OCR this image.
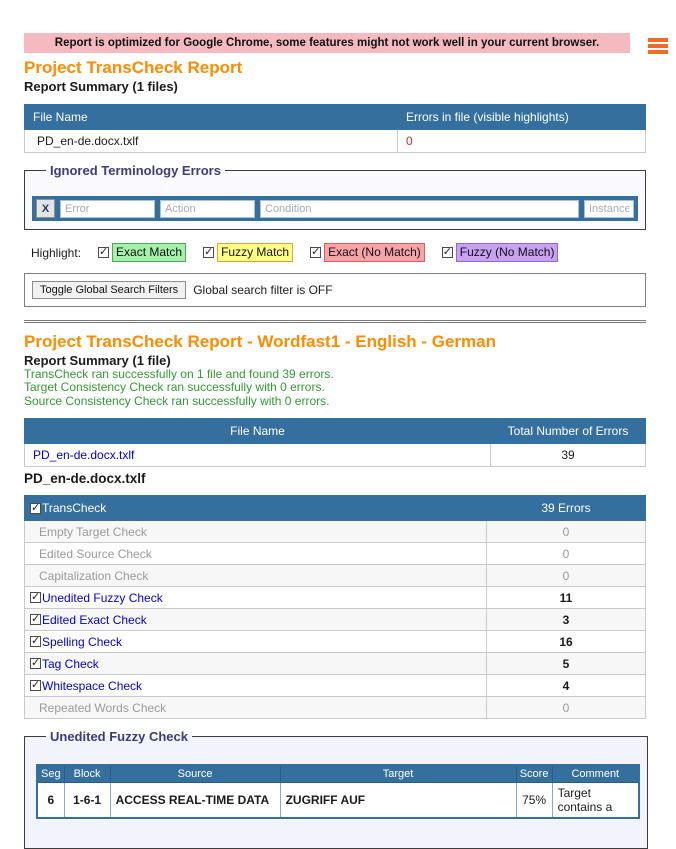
Report is optimized for Google Chrome, some features might not work well in your current browser.
Project TransCheck Report
Report Summary (1 files)
File Name	Errors in file (visible highlights)
PD_en-de.docx.txlf	0
Ignored Terminology Errors
X
Error
Action
Condition
Instances
Highlight: ✓	Exact Match ✓	Fuzzy Match ✓	Exact (No Match) ✓	Fuzzy (No Match)
Toggle Global Search Filters	Global search filter is OFF
Project TransCheck Report - Wordfast1 - English - German
Report Summary (1 file)

TransCheck ran successfully on 1 file and found 39 errors.

Target Consistency Check ran successfully with 0 errors.

Source Consistency Check ran successfully with 0 errors.

File Name	Total Number of Errors
PD_en-de.docx.txlf	39
PD_en-de.docx.txlf
✓
TransCheck	39 Errors
Empty Target Check	0
Edited Source Check	0
Capitalization Check	0

✓
Unedited Fuzzy Check	11

✓
Edited Exact Check	3

✓
Spelling Check	16

✓
Tag Check	5

✓
Whitespace Check	4
Repeated Words Check	0
Unedited Fuzzy Check
Seg	Block	Source	Target	Score	Comment
6	1-6-1	ACCESS REAL-TIME DATA	ZUGRIFF AUF	75%	Target contains a
